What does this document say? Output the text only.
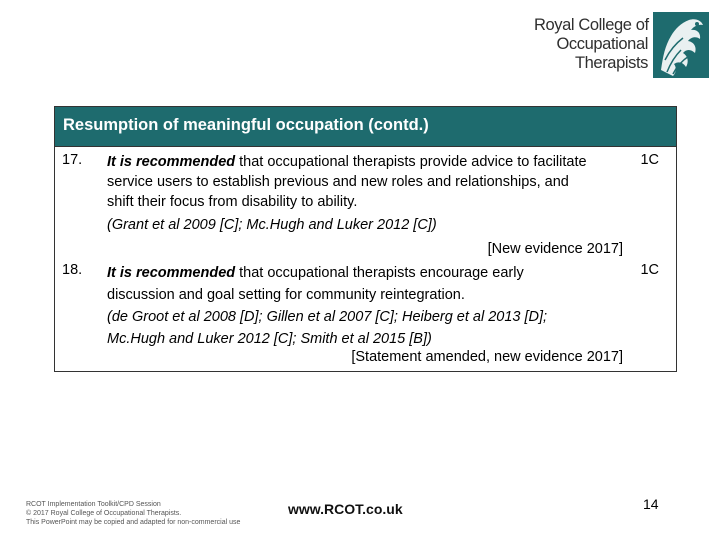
Royal College of
Occupational
Therapists
Resumption of meaningful occupation (contd.)
17. It is recommended that occupational therapists provide advice to facilitate service users to establish previous and new roles and relationships, and shift their focus from disability to ability.
(Grant et al 2009 [C]; Mc.Hugh and Luker 2012 [C])
1C
[New evidence 2017]
18. It is recommended that occupational therapists encourage early discussion and goal setting for community reintegration.
(de Groot et al 2008 [D]; Gillen et al 2007 [C]; Heiberg et al 2013 [D]; Mc.Hugh and Luker 2012 [C]; Smith et al 2015 [B])
1C
[Statement amended, new evidence 2017]
RCOT Implementation Toolkit/CPD Session
© 2017 Royal College of Occupational Therapists.
This PowerPoint may be copied and adapted for non-commercial use
www.RCOT.co.uk	14
